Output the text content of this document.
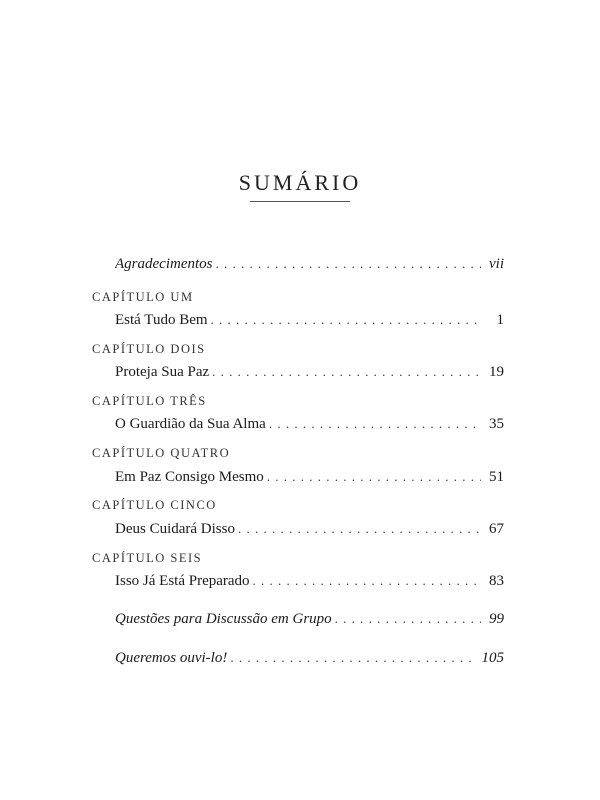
SUMÁRIO
Agradecimentos . . .	vii
CAPÍTULO UM
Está Tudo Bem . . .	1
CAPÍTULO DOIS
Proteja Sua Paz . . .	19
CAPÍTULO TRÊS
O Guardião da Sua Alma . . .	35
CAPÍTULO QUATRO
Em Paz Consigo Mesmo . . .	51
CAPÍTULO CINCO
Deus Cuidará Disso . . .	67
CAPÍTULO SEIS
Isso Já Está Preparado . . .	83
Questões para Discussão em Grupo . . .	99
Queremos ouvi-lo! . . .	105
